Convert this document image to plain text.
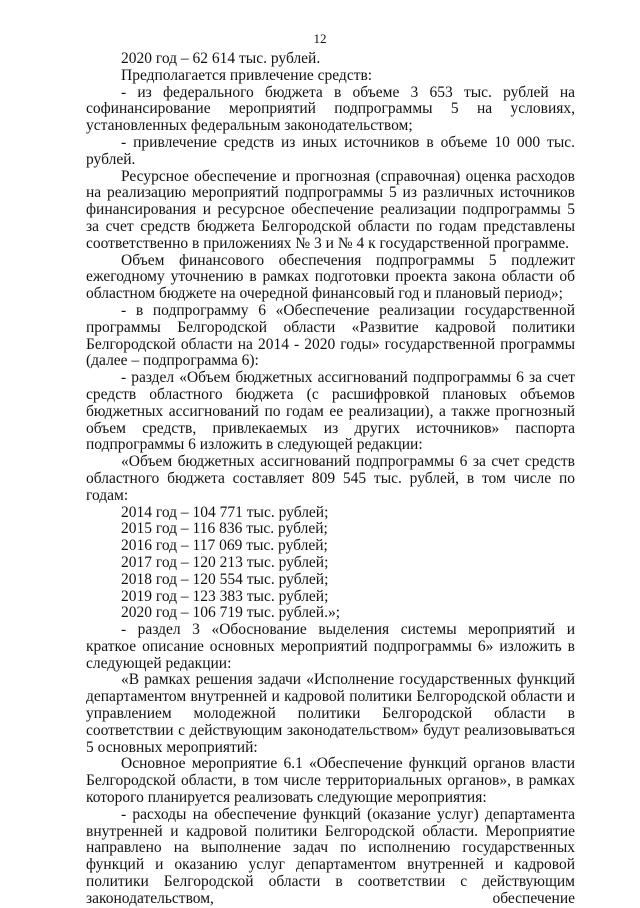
12

2020 год – 62 614 тыс. рублей.

Предполагается привлечение средств:

- из федерального бюджета в объеме 3 653 тыс. рублей на софинансирование мероприятий подпрограммы 5 на условиях, установленных федеральным законодательством;

- привлечение средств из иных источников в объеме 10 000 тыс. рублей.

Ресурсное обеспечение и прогнозная (справочная) оценка расходов на реализацию мероприятий подпрограммы 5 из различных источников финансирования и ресурсное обеспечение реализации подпрограммы 5 за счет средств бюджета Белгородской области по годам представлены соответственно в приложениях № 3 и № 4 к государственной программе.

Объем финансового обеспечения подпрограммы 5 подлежит ежегодному уточнению в рамках подготовки проекта закона области об областном бюджете на очередной финансовый год и плановый период»;

- в подпрограмму 6 «Обеспечение реализации государственной программы Белгородской области «Развитие кадровой политики Белгородской области на 2014 - 2020 годы» государственной программы (далее – подпрограмма 6):

- раздел «Объем бюджетных ассигнований подпрограммы 6 за счет средств областного бюджета (с расшифровкой плановых объемов бюджетных ассигнований по годам ее реализации), а также прогнозный объем средств, привлекаемых из других источников» паспорта подпрограммы 6 изложить в следующей редакции:

«Объем бюджетных ассигнований подпрограммы 6 за счет средств областного бюджета составляет 809 545 тыс. рублей, в том числе по годам:

2014 год – 104 771 тыс. рублей;

2015 год – 116 836 тыс. рублей;

2016 год – 117 069 тыс. рублей;

2017 год – 120 213 тыс. рублей;

2018 год – 120 554 тыс. рублей;

2019 год – 123 383 тыс. рублей;

2020 год – 106 719 тыс. рублей.»;

- раздел 3 «Обоснование выделения системы мероприятий и краткое описание основных мероприятий подпрограммы 6» изложить в следующей редакции:

«В рамках решения задачи «Исполнение государственных функций департаментом внутренней и кадровой политики Белгородской области и управлением молодежной политики Белгородской области в соответствии с действующим законодательством» будут реализовываться 5 основных мероприятий:

Основное мероприятие 6.1 «Обеспечение функций органов власти Белгородской области, в том числе территориальных органов», в рамках которого планируется реализовать следующие мероприятия:

- расходы на обеспечение функций (оказание услуг) департамента внутренней и кадровой политики Белгородской области. Мероприятие направлено на выполнение задач по исполнению государственных функций и оказанию услуг департаментом внутренней и кадровой политики Белгородской области в соответствии с действующим законодательством, обеспечение
